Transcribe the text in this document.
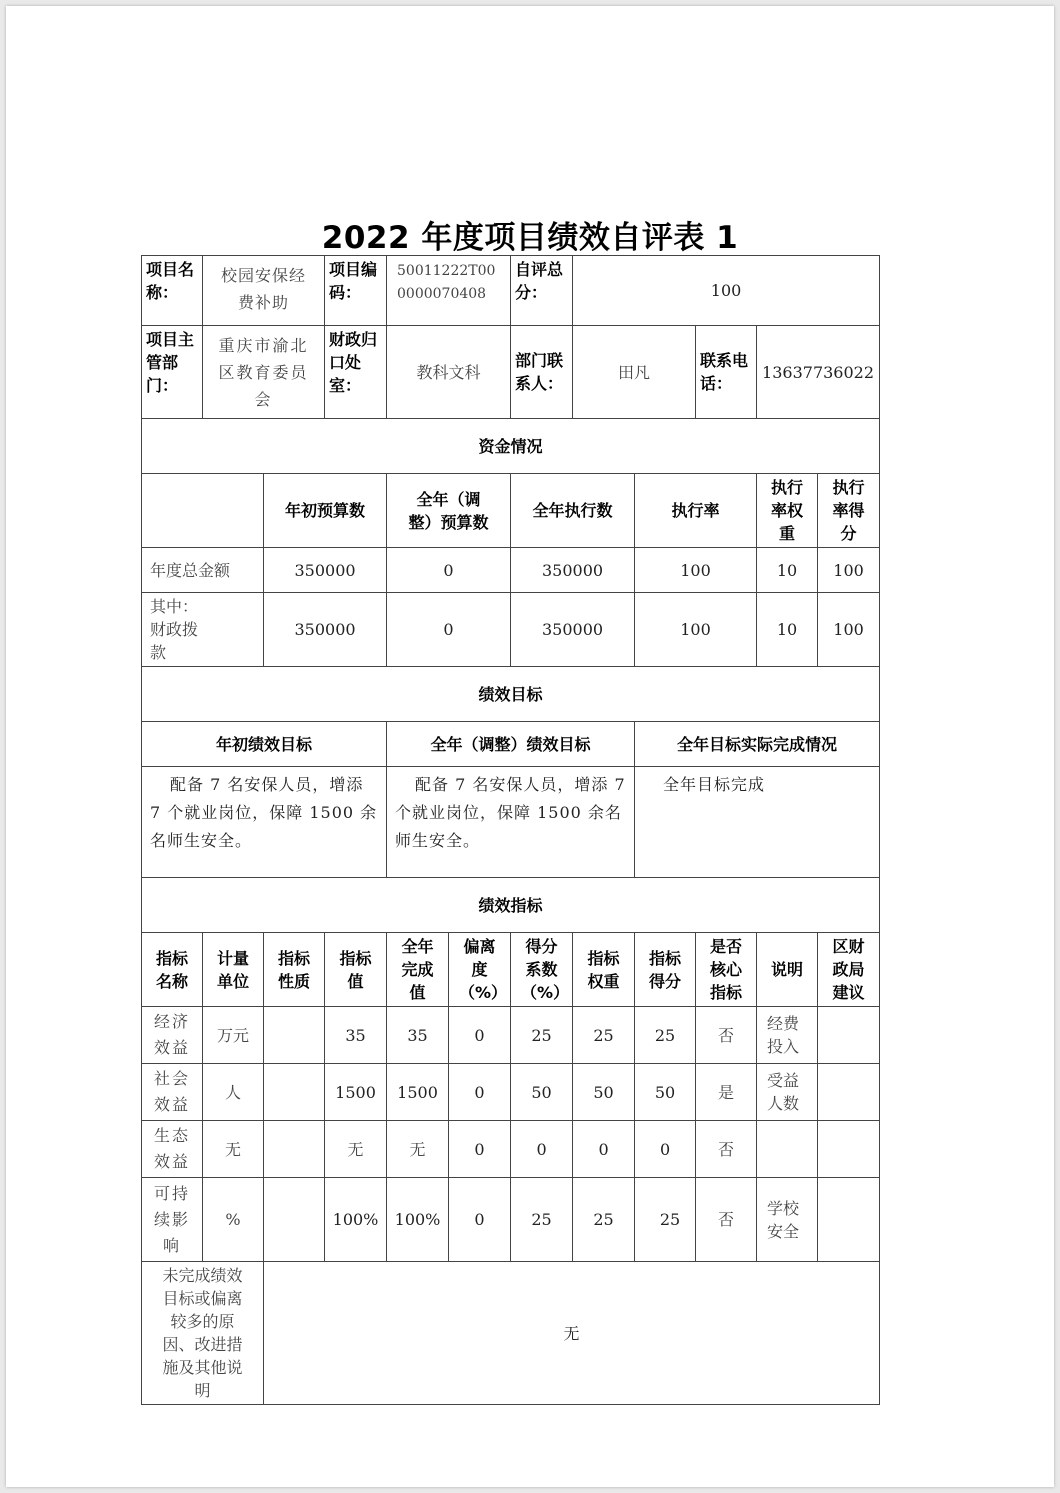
2022 年度项目绩效自评表 1
项目名称：	校园安保经费补助		项目编码：	50011222T000000070408		自评总分：	100				
项目主管部门：	重庆市渝北区教育委员会		财政归口处室：	教科文科		部门联系人：	田凡		联系电话：	13637736022	
资金情况											
		年初预算数		全年（调整）预算数		全年执行数		执行率		执行率权重	执行率得分
年度总金额		350000		0		350000		100		10	100
其中：财政拨款		350000		0		350000		100		10	100
绩效目标											
年初绩效目标				全年（调整）绩效目标				全年目标实际完成情况			
配备 7 名安保人员，增添 7 个就业岗位，保障 1500 余名师生安全。				配备 7 名安保人员，增添 7 个就业岗位，保障 1500 余名师生安全。				全年目标完成			
绩效指标											
指标名称	计量单位	指标性质	指标值	全年完成值	偏离度（%）	得分系数（%）	指标权重	指标得分	是否核心指标	说明	区财政局建议
经济效益	万元		35	35	0	25	25	25	否	经费投入	
社会效益	人		1500	1500	0	50	50	50	是	受益人数	
生态效益	无		无	无	0	0	0	0	否		
可持续影响	%		100%	100%	0	25	25	25	否	学校安全	
未完成绩效目标或偏离较多的原因、改进措施及其他说明		无									
